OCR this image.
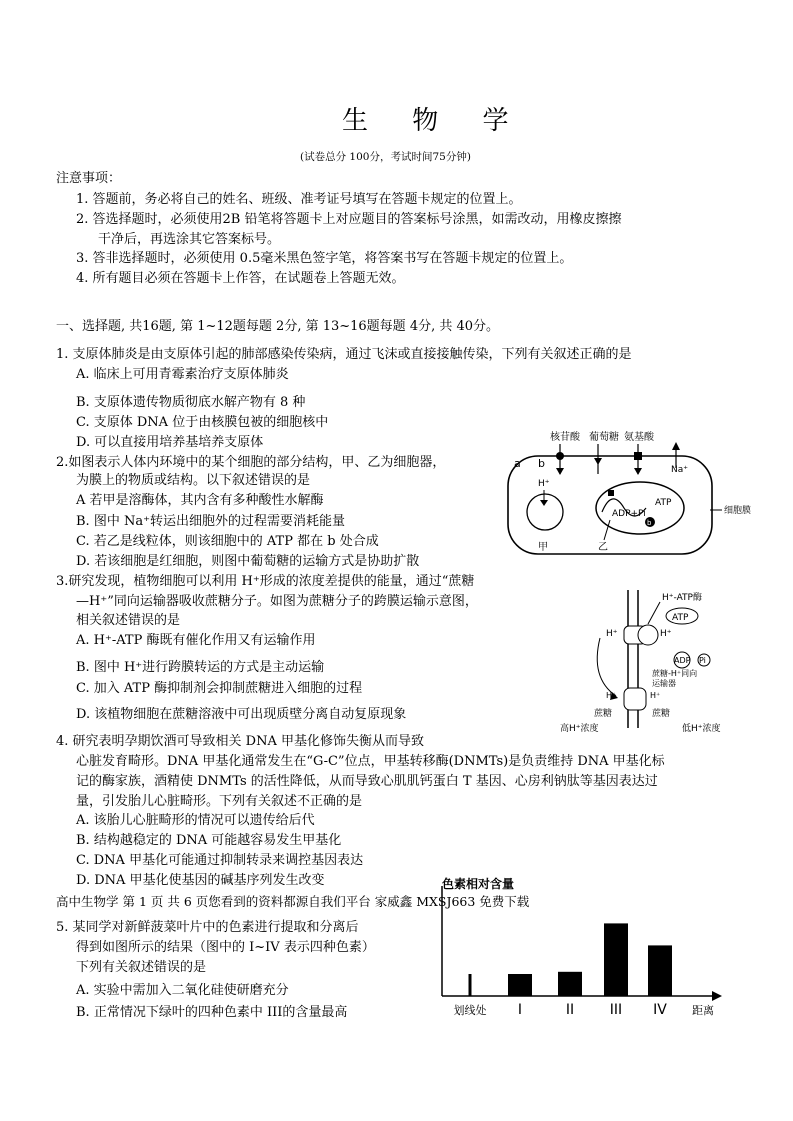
生 物 学
(试卷总分 100分，考试时间75分钟)
注意事项：
1. 答题前，务必将自己的姓名、班级、准考证号填写在答题卡规定的位置上。
2. 答选择题时，必须使用2B 铅笔将答题卡上对应题目的答案标号涂黑，如需改动，用橡皮擦擦
干净后，再选涂其它答案标号。
3. 答非选择题时，必须使用 0.5毫米黑色签字笔，将答案书写在答题卡规定的位置上。
4. 所有题目必须在答题卡上作答，在试题卷上答题无效。
一、选择题, 共16题, 第 1~12题每题 2分, 第 13~16题每题 4分, 共 40分。
1. 支原体肺炎是由支原体引起的肺部感染传染病，通过飞沫或直接接触传染，下列有关叙述正确的是
A. 临床上可用青霉素治疗支原体肺炎
B. 支原体遗传物质彻底水解产物有 8 种
C. 支原体 DNA 位于由核膜包被的细胞核中
D. 可以直接用培养基培养支原体
2.如图表示人体内环境中的某个细胞的部分结构，甲、乙为细胞器，
为膜上的物质或结构。以下叙述错误的是
A 若甲是溶酶体，其内含有多种酸性水解酶
B. 图中 Na⁺转运出细胞外的过程需要消耗能量
C. 若乙是线粒体，则该细胞中的 ATP 都在 b 处合成
D. 若该细胞是红细胞，则图中葡萄糖的运输方式是协助扩散
核苷酸 葡萄糖 氨基酸
a b	Na⁺
H⁺
甲
ADP+Pi
ATP
b
乙
细胞膜
3.研究发现，植物细胞可以利用 H⁺形成的浓度差提供的能量，通过“蔗糖
—H⁺”同向运输器吸收蔗糖分子。如图为蔗糖分子的跨膜运输示意图，
相关叙述错误的是
A. H⁺-ATP 酶既有催化作用又有运输作用
B. 图中 H⁺进行跨膜转运的方式是主动运输
C. 加入 ATP 酶抑制剂会抑制蔗糖进入细胞的过程
D. 该植物细胞在蔗糖溶液中可出现质壁分离自动复原现象
H⁺-ATP酶
ATP
H⁺	H⁺
ADP Pi
蔗糖-H⁺同向
运输器
H⁺	H⁺
蔗糖	蔗糖
高H⁺浓度	低H⁺浓度
4. 研究表明孕期饮酒可导致相关 DNA 甲基化修饰失衡从而导致
心脏发育畸形。DNA 甲基化通常发生在“G-C”位点，甲基转移酶(DNMTs)是负责维持 DNA 甲基化标
记的酶家族，酒精使 DNMTs 的活性降低，从而导致心肌肌钙蛋白 T 基因、心房利钠肽等基因表达过
量，引发胎儿心脏畸形。下列有关叙述不正确的是
A. 该胎儿心脏畸形的情况可以遗传给后代
B. 结构越稳定的 DNA 可能越容易发生甲基化
C. DNA 甲基化可能通过抑制转录来调控基因表达
D. DNA 甲基化使基因的碱基序列发生改变
高中生物学 第 1 页 共 6 页您看到的资料都源自我们平台 家威鑫 MXSJ663 免费下载
5. 某同学对新鲜菠菜叶片中的色素进行提取和分离后
得到如图所示的结果（图中的 I~IV 表示四种色素）
下列有关叙述错误的是
A. 实验中需加入二氧化硅使研磨充分
B. 正常情况下绿叶的四种色素中 III的含量最高
色素相对含量
距离
划线处 I	II	III IV
